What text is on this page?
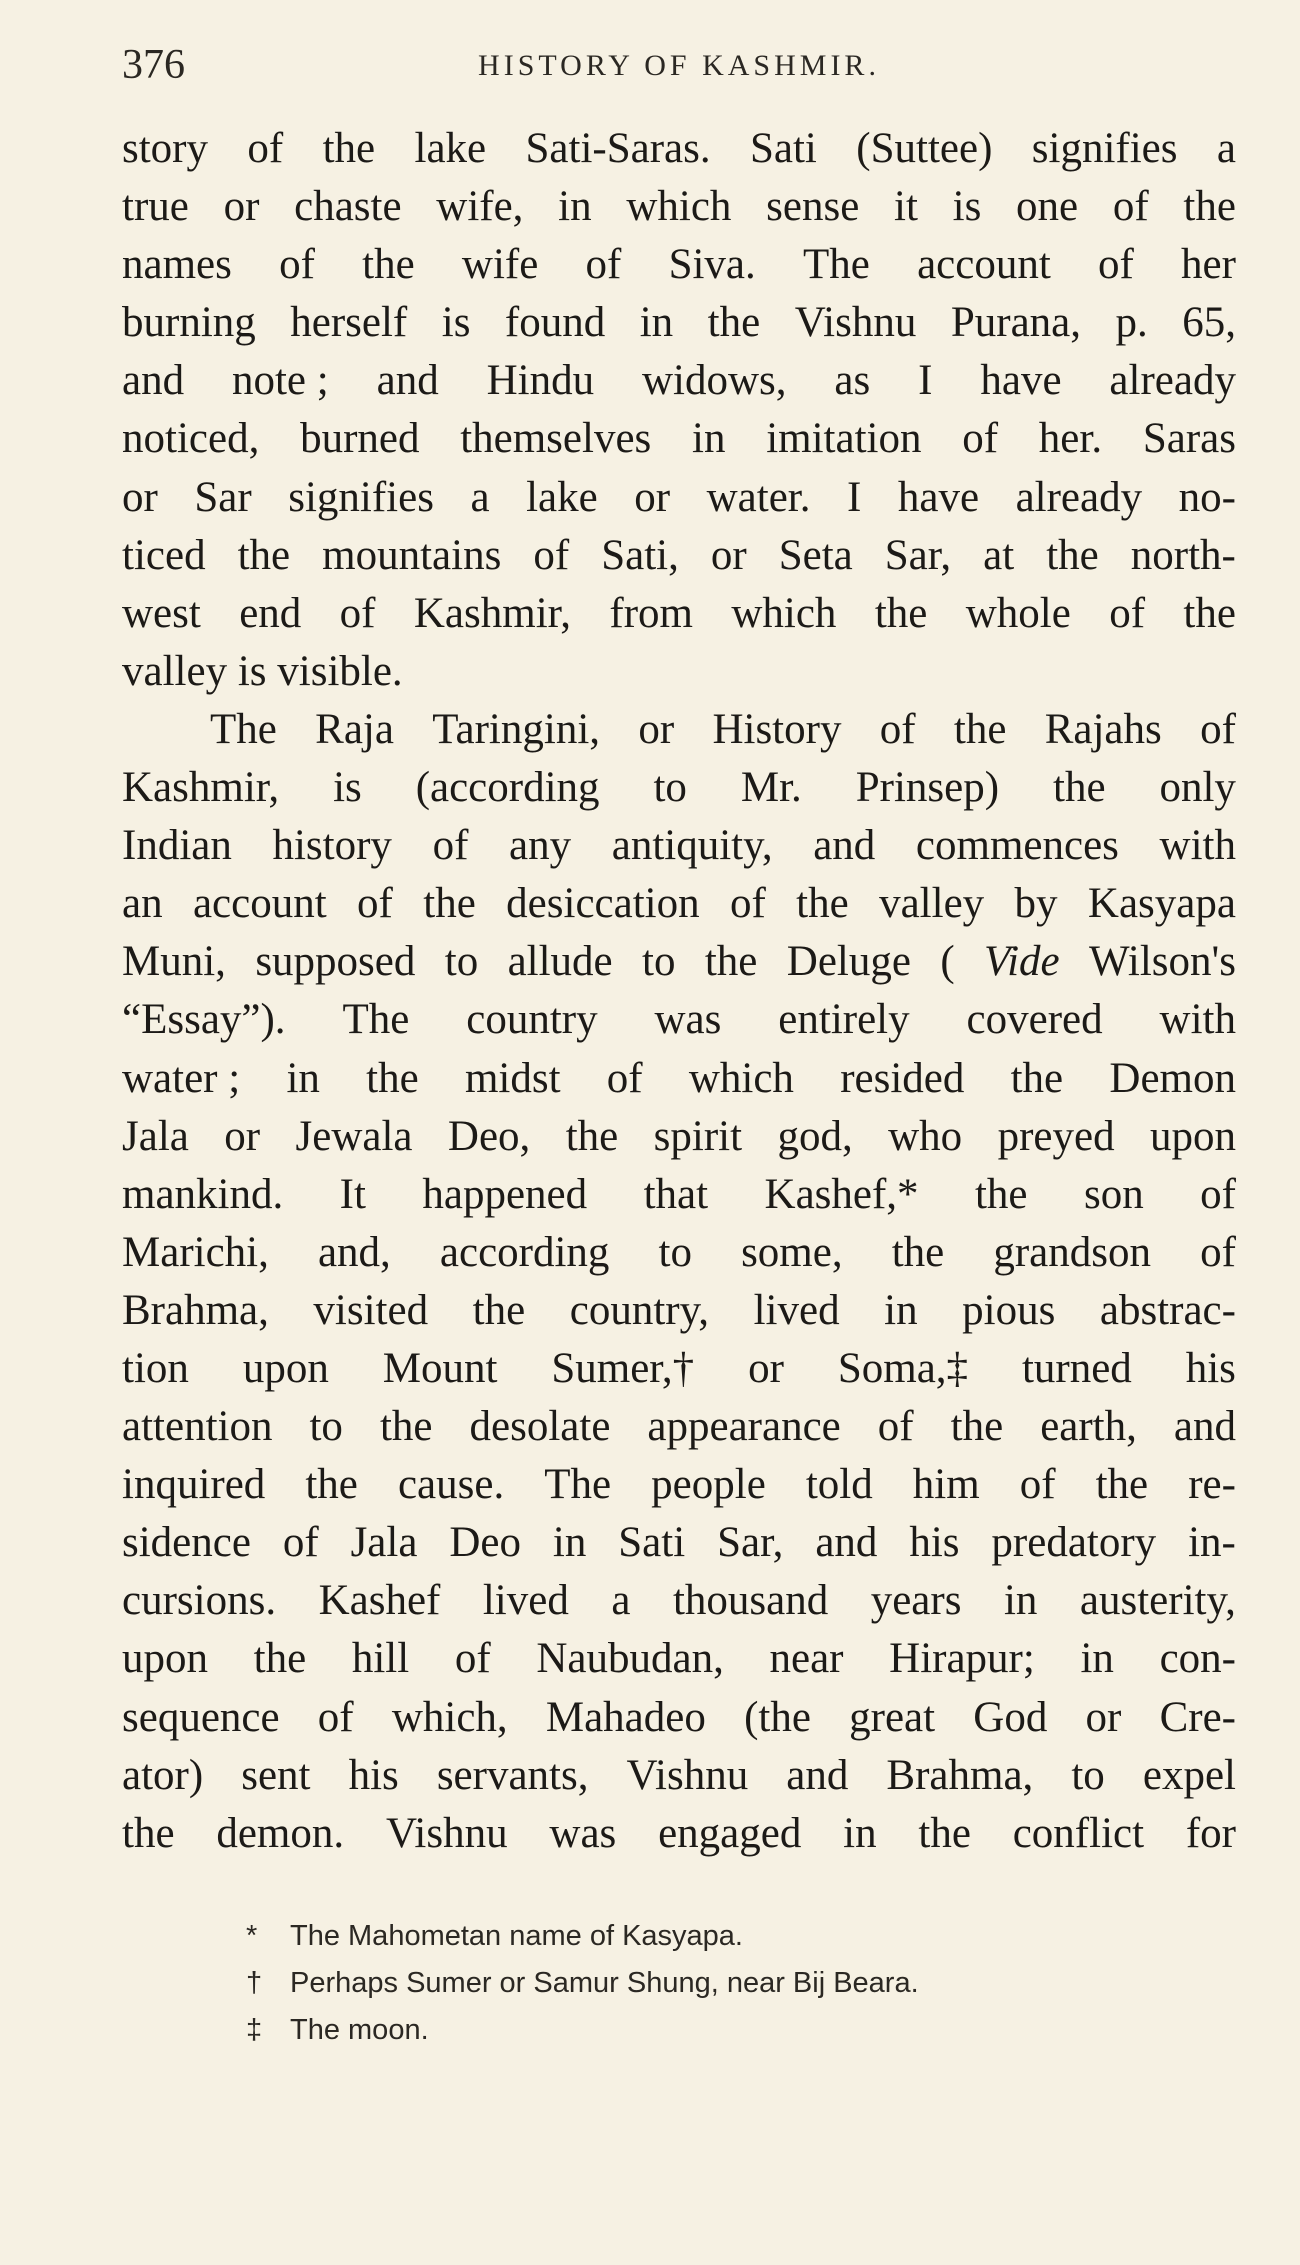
376	HISTORY OF KASHMIR.
story of the lake Sati-Saras. Sati (Suttee) signifies a
true or chaste wife, in which sense it is one of the
names of the wife of Siva. The account of her
burning herself is found in the Vishnu Purana, p. 65,
and note ; and Hindu widows, as I have already
noticed, burned themselves in imitation of her. Saras
or Sar signifies a lake or water. I have already no-
ticed the mountains of Sati, or Seta Sar, at the north-
west end of Kashmir, from which the whole of the
valley
is
visible.
The Raja Taringini, or History of the Rajahs of
Kashmir, is (according to Mr. Prinsep) the only
Indian history of any antiquity, and commences with
an account of the desiccation of the valley by Kasyapa
Muni, supposed to allude to the Deluge ( Vide Wilson's
“Essay”). The country was entirely covered with
water ; in the midst of which resided the Demon
Jala or Jewala Deo, the spirit god, who preyed upon
mankind. It happened that Kashef,* the son of
Marichi, and, according to some, the grandson of
Brahma, visited the country, lived in pious abstrac-
tion upon Mount Sumer,† or Soma,‡ turned his
attention to the desolate appearance of the earth, and
inquired the cause. The people told him of the re-
sidence of Jala Deo in Sati Sar, and his predatory in-
cursions. Kashef lived a thousand years in austerity,
upon the hill of Naubudan, near Hirapur; in con-
sequence of which, Mahadeo (the great God or Cre-
ator) sent his servants, Vishnu and Brahma, to expel
the demon. Vishnu was engaged in the conflict for
* The Mahometan name of Kasyapa.
† Perhaps Sumer or Samur Shung, near Bij Beara.
‡ The moon.
